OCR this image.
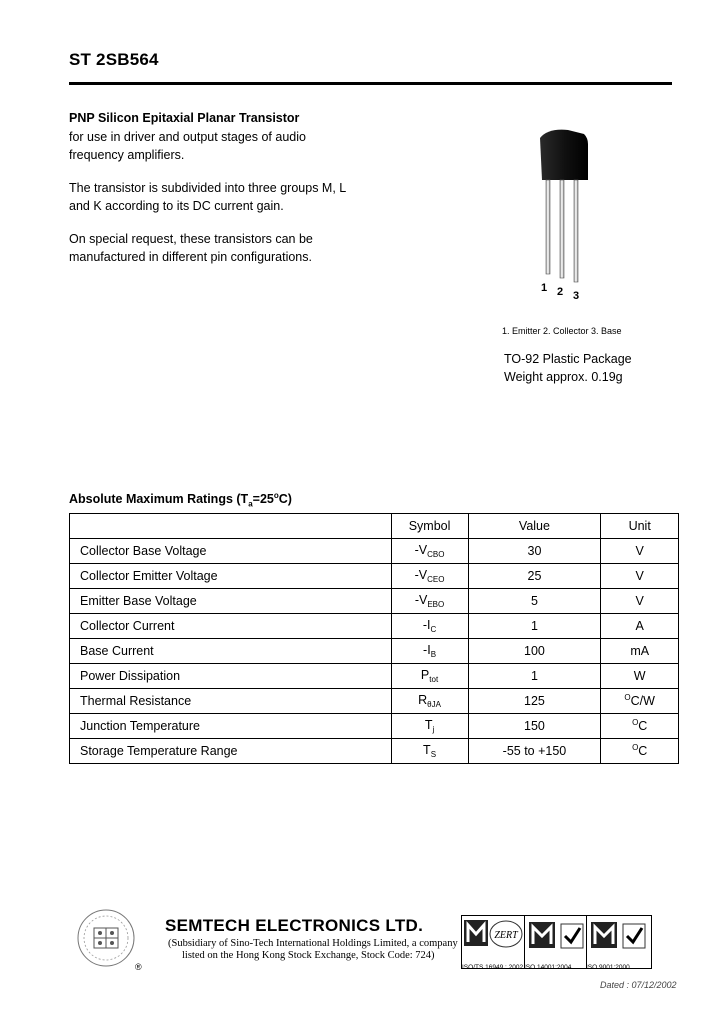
ST 2SB564
PNP Silicon Epitaxial Planar Transistor
for use in driver and output stages of audio
frequency amplifiers.
The transistor is subdivided into three groups M, L
and K according to its DC current gain.
On special request, these transistors can be
manufactured in different pin configurations.
1 2 3
1. Emitter 2. Collector 3. Base
TO-92 Plastic Package
Weight approx. 0.19g
Absolute Maximum Ratings $(T_a=25^oC)$
	Symbol	Value	Unit
Collector Base Voltage	$-V_{CBO}$	30	V
Collector Emitter Voltage	$-V_{CEO}$	25	V
Emitter Base Voltage	$-V_{EBO}$	5	V
Collector Current	$-I_C$	1	A
Base Current	$-I_B$	100	mA
Power Dissipation	$P_{tot}$	1	W
Thermal Resistance	$R_{\theta JA}$	125	$^O$C/W
Junction Temperature	$T_j$	150	$^O$C
Storage Temperature Range	$T_S$	-55 to +150	$^O$C
®
SEMTECH ELECTRONICS LTD.
(Subsidiary of Sino-Tech International Holdings Limited, a company
listed on the Hong Kong Stock Exchange, Stock Code: 724)
ZERT
ISO/TS 16949 : 2002 ISO 14001:2004 ISO 9001:2000
Dated : 07/12/2002
